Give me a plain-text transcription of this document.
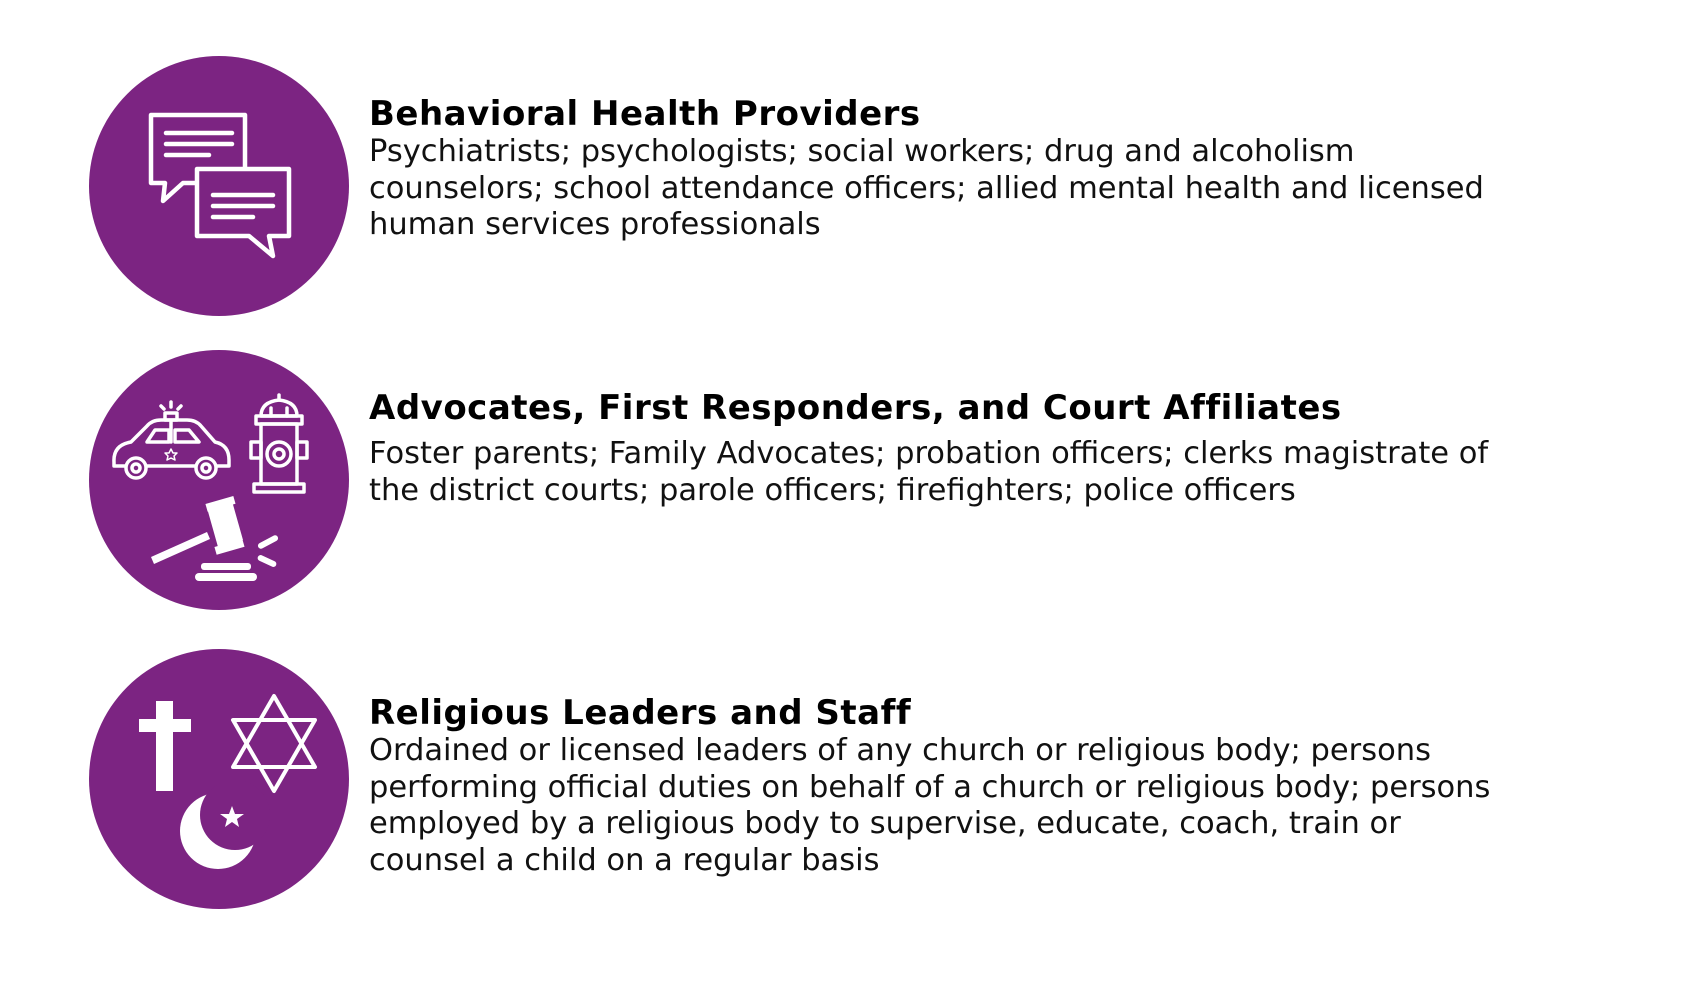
Behavioral Health Providers

Psychiatrists; psychologists; social workers; drug and alcoholism counselors; school attendance officers; allied mental health and licensed human services professionals

Advocates, First Responders, and Court Affiliates

Foster parents; Family Advocates; probation officers; clerks magistrate of the district courts; parole officers; firefighters; police officers

Religious Leaders and Staff

Ordained or licensed leaders of any church or religious body; persons performing official duties on behalf of a church or religious body; persons employed by a religious body to supervise, educate, coach, train or counsel a child on a regular basis
